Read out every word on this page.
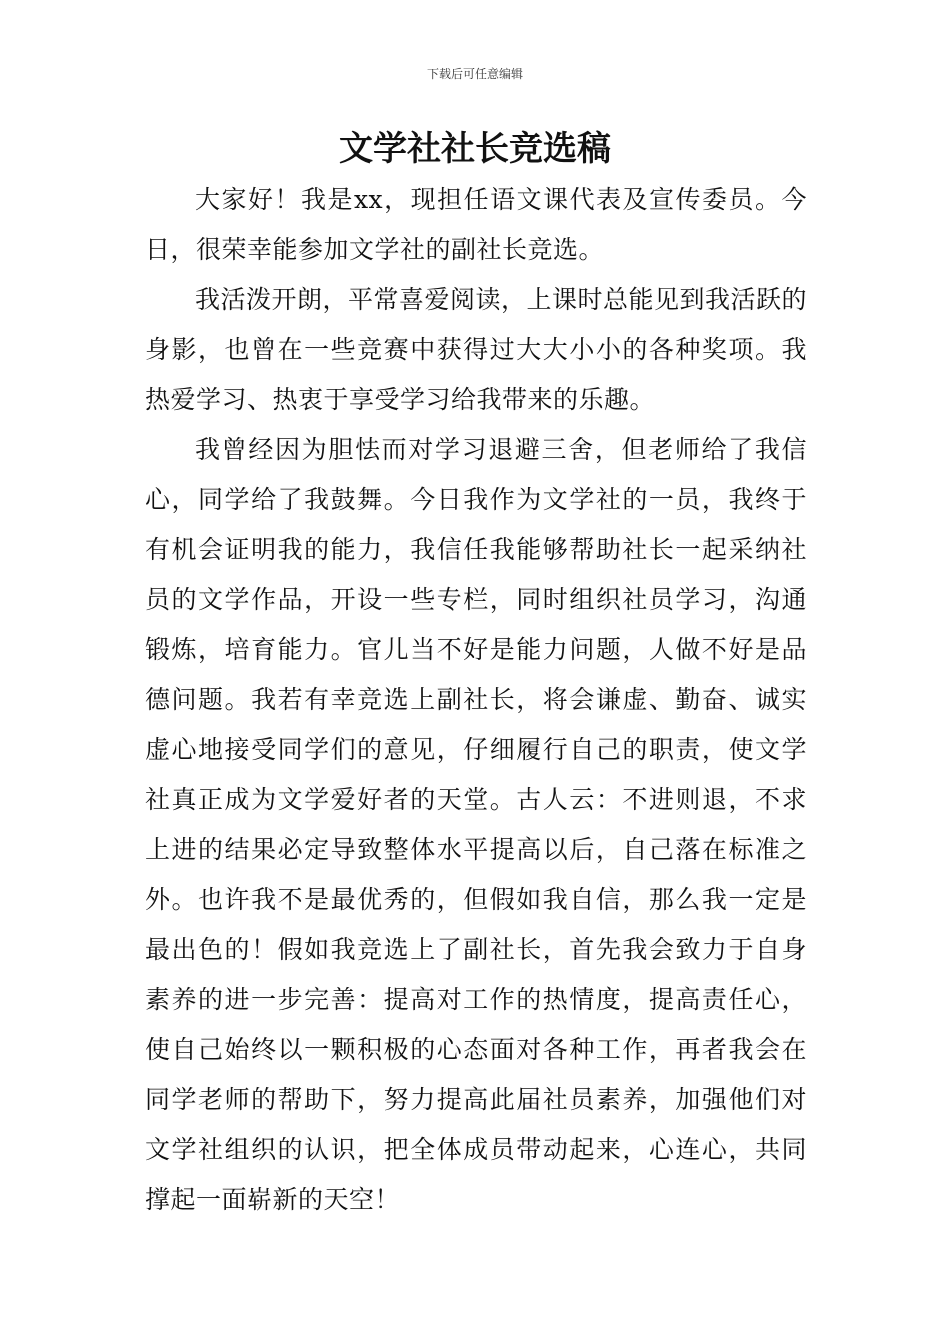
下载后可任意编辑
文学社社长竞选稿

大家好！我是xx，现担任语文课代表及宣传委员。今日，很荣幸能参加文学社的副社长竞选。

我活泼开朗，平常喜爱阅读，上课时总能见到我活跃的身影，也曾在一些竞赛中获得过大大小小的各种奖项。我热爱学习、热衷于享受学习给我带来的乐趣。

我曾经因为胆怯而对学习退避三舍，但老师给了我信心，同学给了我鼓舞。今日我作为文学社的一员，我终于有机会证明我的能力，我信任我能够帮助社长一起采纳社员的文学作品，开设一些专栏，同时组织社员学习，沟通锻炼，培育能力。官儿当不好是能力问题，人做不好是品德问题。我若有幸竞选上副社长，将会谦虚、勤奋、诚实虚心地接受同学们的意见，仔细履行自己的职责，使文学社真正成为文学爱好者的天堂。古人云：不进则退，不求上进的结果必定导致整体水平提高以后，自己落在标准之外。也许我不是最优秀的，但假如我自信，那么我一定是最出色的！假如我竞选上了副社长，首先我会致力于自身素养的进一步完善：提高对工作的热情度，提高责任心，使自己始终以一颗积极的心态面对各种工作，再者我会在同学老师的帮助下，努力提高此届社员素养，加强他们对文学社组织的认识，把全体成员带动起来，心连心，共同撑起一面崭新的天空！
